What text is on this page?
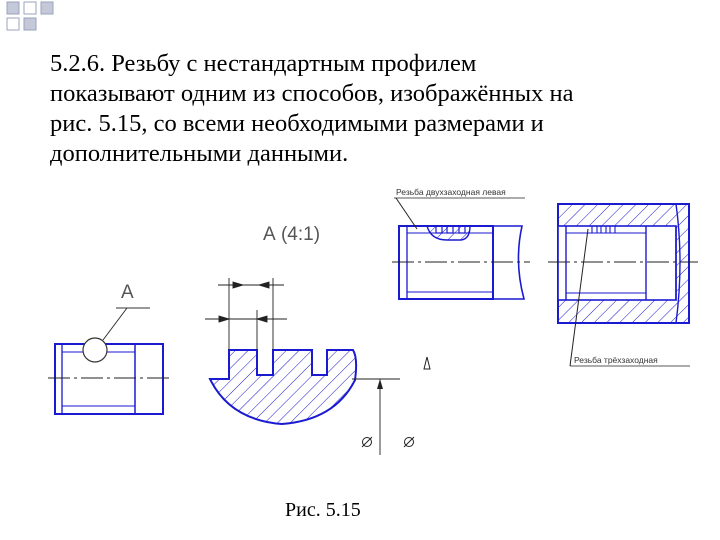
5.2.6. Резьбу с нестандартным профилем
показывают одним из способов, изображённых на
рис. 5.15, со всеми необходимыми размерами и
дополнительными данными.
А (4:1)
А
Резьба двухзаходная левая
Резьба трёхзаходная
Рис. 5.15
